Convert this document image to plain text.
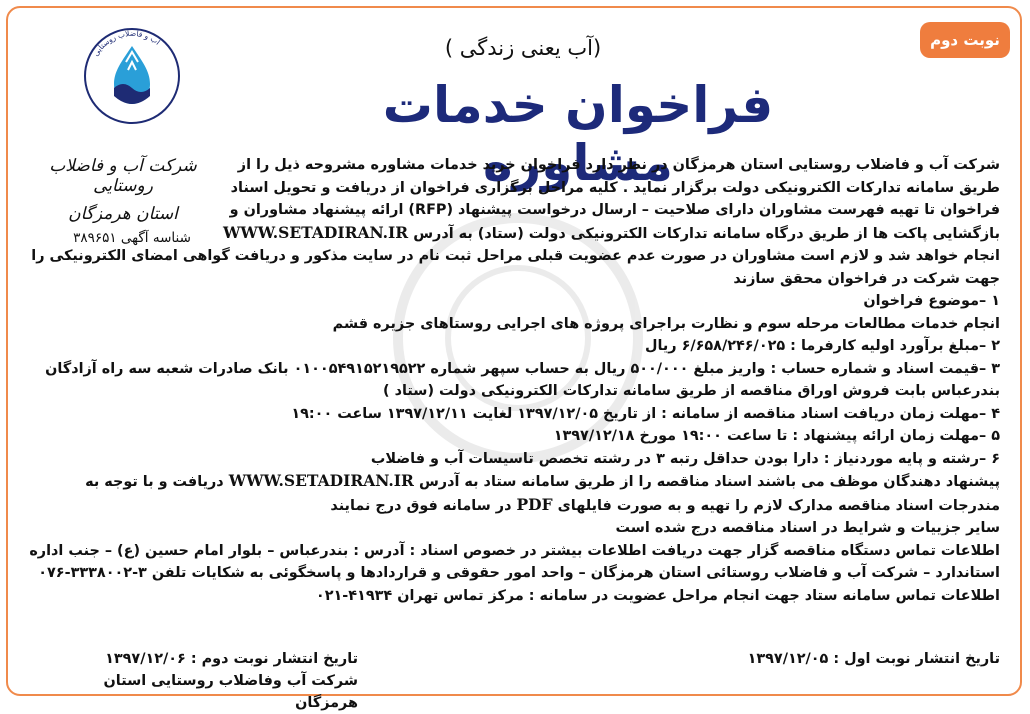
نوبت دوم
(آب یعنی زندگی )
فراخوان خدمات مشاوره
آب و فاضلاب روستایی
شرکت آب و فاضلاب روستایی
استان هرمزگان
شناسه آگهی ۳۸۹۶۵۱
شرکت آب و فاضلاب روستایی استان هرمزگان در نظر دارد فراخوان خرید خدمات مشاوره مشروحه ذیل را از
طریق سامانه تدارکات الکترونیکی دولت برگزار نماید . کلیه مراحل برگزاری فراخوان از دریافت و تحویل اسناد
فراخوان تا تهیه فهرست مشاوران دارای صلاحیت – ارسال درخواست پیشنهاد (RFP) ارائه پیشنهاد مشاوران و
بازگشایی پاکت ها از طریق درگاه سامانه تدارکات الکترونیکی دولت (ستاد) به آدرس WWW.SETADIRAN.IR
انجام خواهد شد و لازم است مشاوران در صورت عدم عضویت قبلی مراحل ثبت نام در سایت مذکور و دریافت گواهی امضای الکترونیکی را
جهت شرکت در فراخوان محقق سازند
۱ –موضوع فراخوان
انجام خدمات مطالعات مرحله سوم و نظارت براجرای پروژه های اجرایی روستاهای جزیره قشم
۲ –مبلغ برآورد اولیه کارفرما : ۶/۶۵۸/۲۴۶/۰۲۵ ریال
۳ –قیمت اسناد و شماره حساب : واریز مبلغ ۵۰۰/۰۰۰ ریال به حساب سپهر شماره ۰۱۰۰۵۴۹۱۵۲۱۹۵۲۲ بانک صادرات شعبه سه راه آزادگان
بندرعباس بابت فروش اوراق مناقصه از طریق سامانه تدارکات الکترونیکی دولت (ستاد )
۴ –مهلت زمان دریافت اسناد مناقصه از سامانه : از تاریخ ۱۳۹۷/۱۲/۰۵ لغایت ۱۳۹۷/۱۲/۱۱ ساعت ۱۹:۰۰
۵ –مهلت زمان ارائه پیشنهاد : تا ساعت ۱۹:۰۰ مورخ ۱۳۹۷/۱۲/۱۸
۶ –رشته و پایه موردنیاز : دارا بودن حداقل رتبه ۳ در رشته تخصص تاسیسات آب و فاضلاب
پیشنهاد دهندگان موظف می باشند اسناد مناقصه را از طریق سامانه ستاد به آدرس WWW.SETADIRAN.IR دریافت و با توجه به
مندرجات اسناد مناقصه مدارک لازم را تهیه و به صورت فایلهای PDF در سامانه فوق درج نمایند
سایر جزییات و شرایط در اسناد مناقصه درج شده است
اطلاعات تماس دستگاه مناقصه گزار جهت دریافت اطلاعات بیشتر در خصوص اسناد : آدرس : بندرعباس – بلوار امام حسین (ع) – جنب اداره
استاندارد – شرکت آب و فاضلاب روستائی استان هرمزگان – واحد امور حقوقی و قراردادها و پاسخگوئی به شکایات تلفن ۳-۳۳۳۸۰۰۲-۰۷۶
اطلاعات تماس سامانه ستاد جهت انجام مراحل عضویت در سامانه : مرکز تماس تهران ۴۱۹۳۴-۰۲۱
تاریخ انتشار نوبت اول : ۱۳۹۷/۱۲/۰۵
تاریخ انتشار نوبت دوم : ۱۳۹۷/۱۲/۰۶
شرکت آب وفاضلاب روستایی استان هرمزگان
